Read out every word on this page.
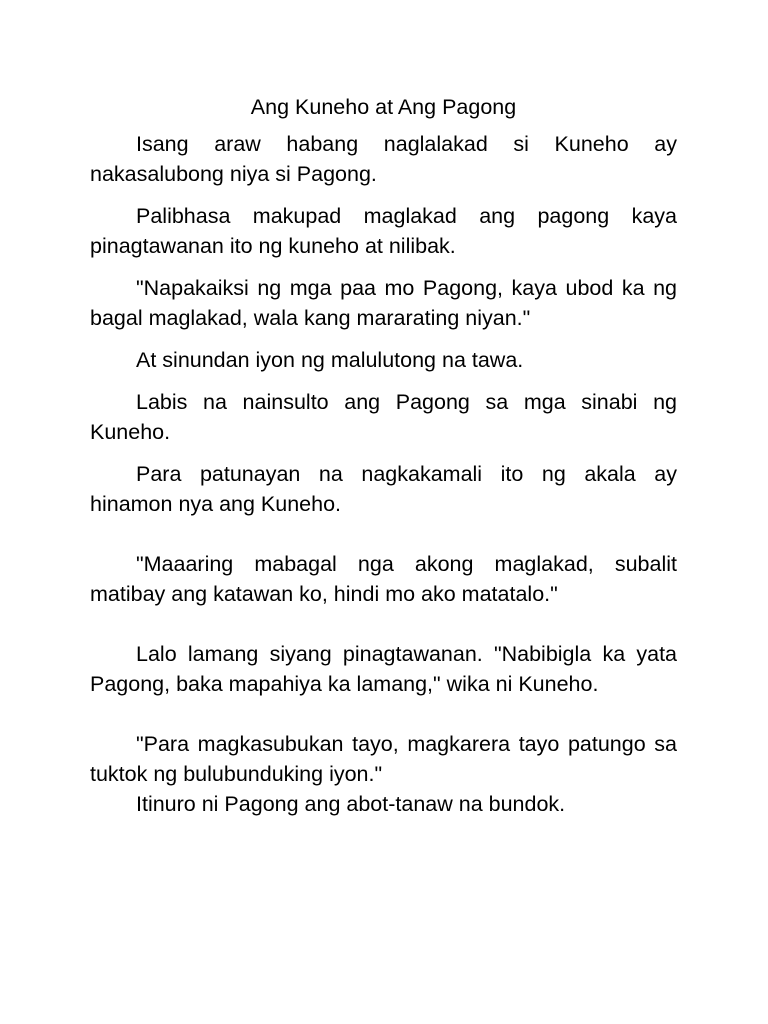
Ang Kuneho at Ang Pagong

Isang araw habang naglalakad si Kuneho ay nakasalubong niya si Pagong.

Palibhasa makupad maglakad ang pagong kaya pinagtawanan ito ng kuneho at nilibak.

"Napakaiksi ng mga paa mo Pagong, kaya ubod ka ng bagal maglakad, wala kang mararating niyan."

At sinundan iyon ng malulutong na tawa.

Labis na nainsulto ang Pagong sa mga sinabi ng Kuneho.

Para patunayan na nagkakamali ito ng akala ay hinamon nya ang Kuneho.

"Maaaring mabagal nga akong maglakad, subalit matibay ang katawan ko, hindi mo ako matatalo."

Lalo lamang siyang pinagtawanan. "Nabibigla ka yata Pagong, baka mapahiya ka lamang," wika ni Kuneho.

"Para magkasubukan tayo, magkarera tayo patungo sa tuktok ng bulubunduking iyon."

Itinuro ni Pagong ang abot-tanaw na bundok.
